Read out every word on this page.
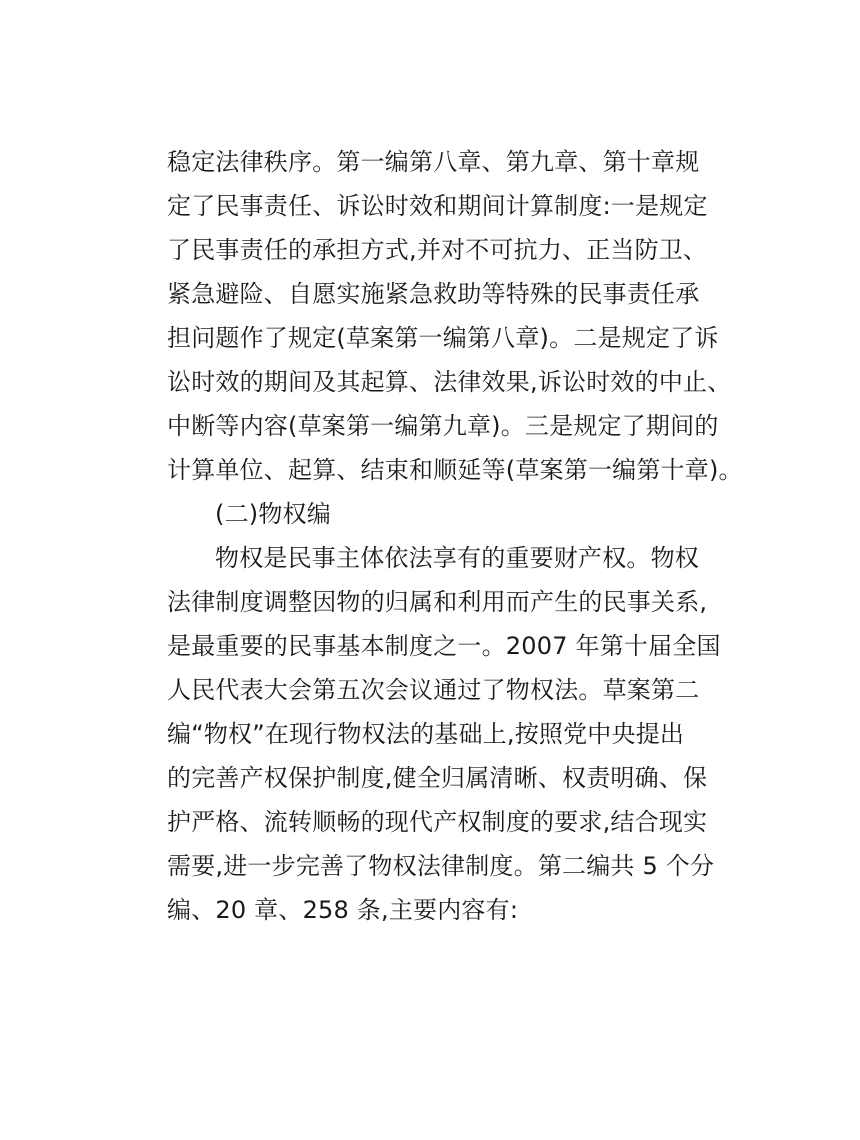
稳定法律秩序。第一编第八章、第九章、第十章规
定了民事责任、诉讼时效和期间计算制度:一是规定
了民事责任的承担方式,并对不可抗力、正当防卫、
紧急避险、自愿实施紧急救助等特殊的民事责任承
担问题作了规定(草案第一编第八章)。二是规定了诉
讼时效的期间及其起算、法律效果,诉讼时效的中止、
中断等内容(草案第一编第九章)。三是规定了期间的
计算单位、起算、结束和顺延等(草案第一编第十章)。
(二)物权编
物权是民事主体依法享有的重要财产权。物权
法律制度调整因物的归属和利用而产生的民事关系,
是最重要的民事基本制度之一。2007 年第十届全国
人民代表大会第五次会议通过了物权法。草案第二
编“物权”在现行物权法的基础上,按照党中央提出
的完善产权保护制度,健全归属清晰、权责明确、保
护严格、流转顺畅的现代产权制度的要求,结合现实
需要,进一步完善了物权法律制度。第二编共 5 个分
编、20 章、258 条,主要内容有:
